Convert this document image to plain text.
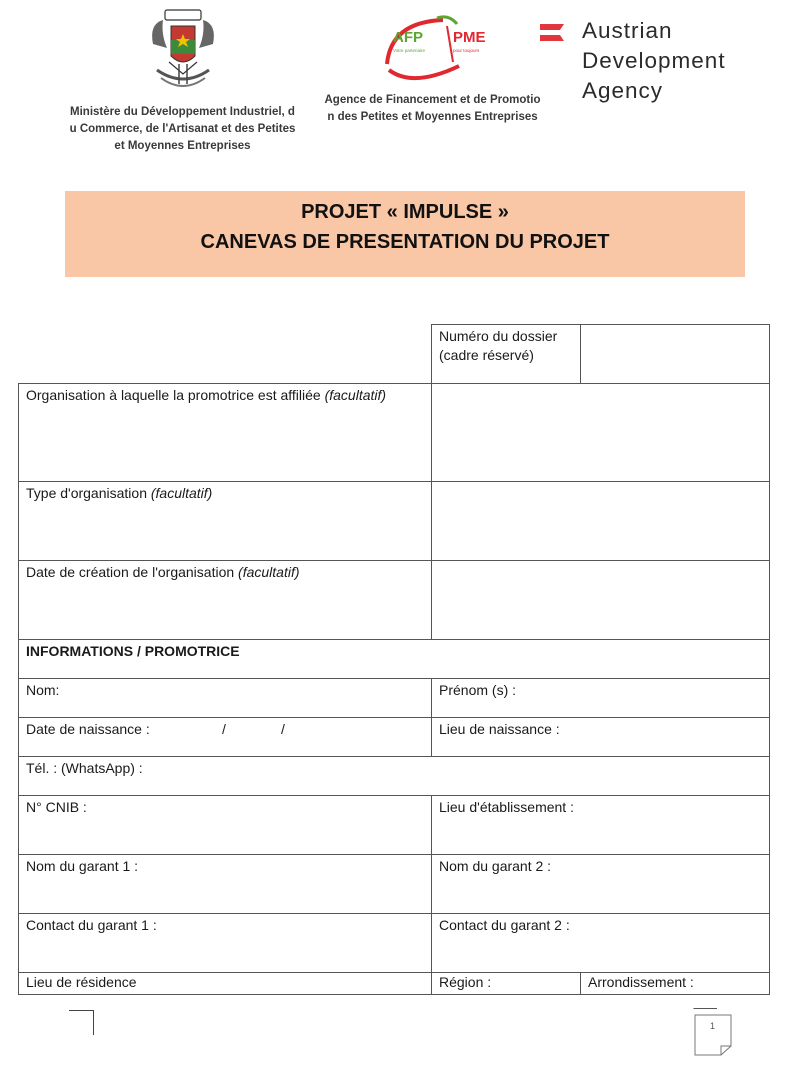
Ministère du Développement Industriel, d
u Commerce, de l'Artisanat et des Petites
et Moyennes Entreprises
AFP PME
Votre partenaire	pour toujours
Agence de Financement et de Promotio
n des Petites et Moyennes Entreprises
Austrian
Development
Agency
PROJET « IMPULSE »
CANEVAS DE PRESENTATION DU PROJET
	Numéro du dossier (cadre réservé)	
Organisation à laquelle la promotrice est affiliée (facultatif)		
Type d'organisation (facultatif)		
Date de création de l'organisation (facultatif)		
INFORMATIONS / PROMOTRICE		
Nom:	Prénom (s) :	
Date de naissance : / /	Lieu de naissance :	
Tél. : (WhatsApp) :		
N° CNIB :	Lieu d'établissement :	
Nom du garant 1 :	Nom du garant 2 :	
Contact du garant 1 :	Contact du garant 2 :	
Lieu de résidence	Région :	Arrondissement :
1
